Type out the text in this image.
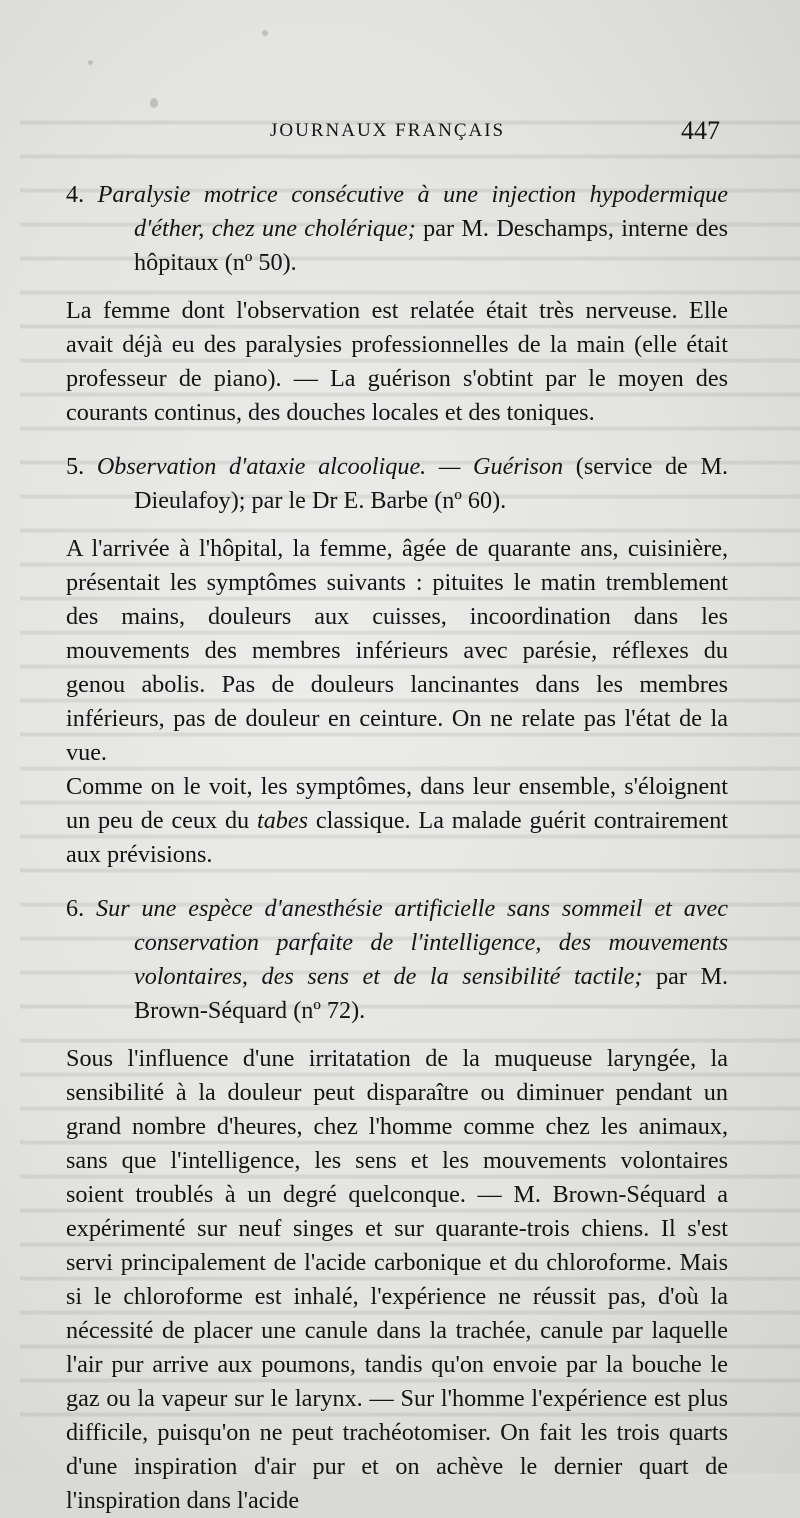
JOURNAUX FRANÇAIS	447

4. Paralysie motrice consécutive à une injection hypodermique d'éther, chez une cholérique; par M. Deschamps, interne des hôpitaux (nº 50).

La femme dont l'observation est relatée était très nerveuse. Elle avait déjà eu des paralysies professionnelles de la main (elle était professeur de piano). — La guérison s'obtint par le moyen des courants continus, des douches locales et des toniques.

5. Observation d'ataxie alcoolique. — Guérison (service de M. Dieulafoy); par le Dr E. Barbe (nº 60).

A l'arrivée à l'hôpital, la femme, âgée de quarante ans, cuisinière, présentait les symptômes suivants : pituites le matin tremblement des mains, douleurs aux cuisses, incoordination dans les mouvements des membres inférieurs avec parésie, réflexes du genou abolis. Pas de douleurs lancinantes dans les membres inférieurs, pas de douleur en ceinture. On ne relate pas l'état de la vue.

Comme on le voit, les symptômes, dans leur ensemble, s'éloignent un peu de ceux du tabes classique. La malade guérit contrairement aux prévisions.

6. Sur une espèce d'anesthésie artificielle sans sommeil et avec conservation parfaite de l'intelligence, des mouvements volontaires, des sens et de la sensibilité tactile; par M. Brown-Séquard (nº 72).

Sous l'influence d'une irritatation de la muqueuse laryngée, la sensibilité à la douleur peut disparaître ou diminuer pendant un grand nombre d'heures, chez l'homme comme chez les animaux, sans que l'intelligence, les sens et les mouvements volontaires soient troublés à un degré quelconque. — M. Brown-Séquard a expérimenté sur neuf singes et sur quarante-trois chiens. Il s'est servi principalement de l'acide carbonique et du chloroforme. Mais si le chloroforme est inhalé, l'expérience ne réussit pas, d'où la nécessité de placer une canule dans la trachée, canule par laquelle l'air pur arrive aux poumons, tandis qu'on envoie par la bouche le gaz ou la vapeur sur le larynx. — Sur l'homme l'expérience est plus difficile, puisqu'on ne peut trachéotomiser. On fait les trois quarts d'une inspiration d'air pur et on achève le dernier quart de l'inspiration dans l'acide
